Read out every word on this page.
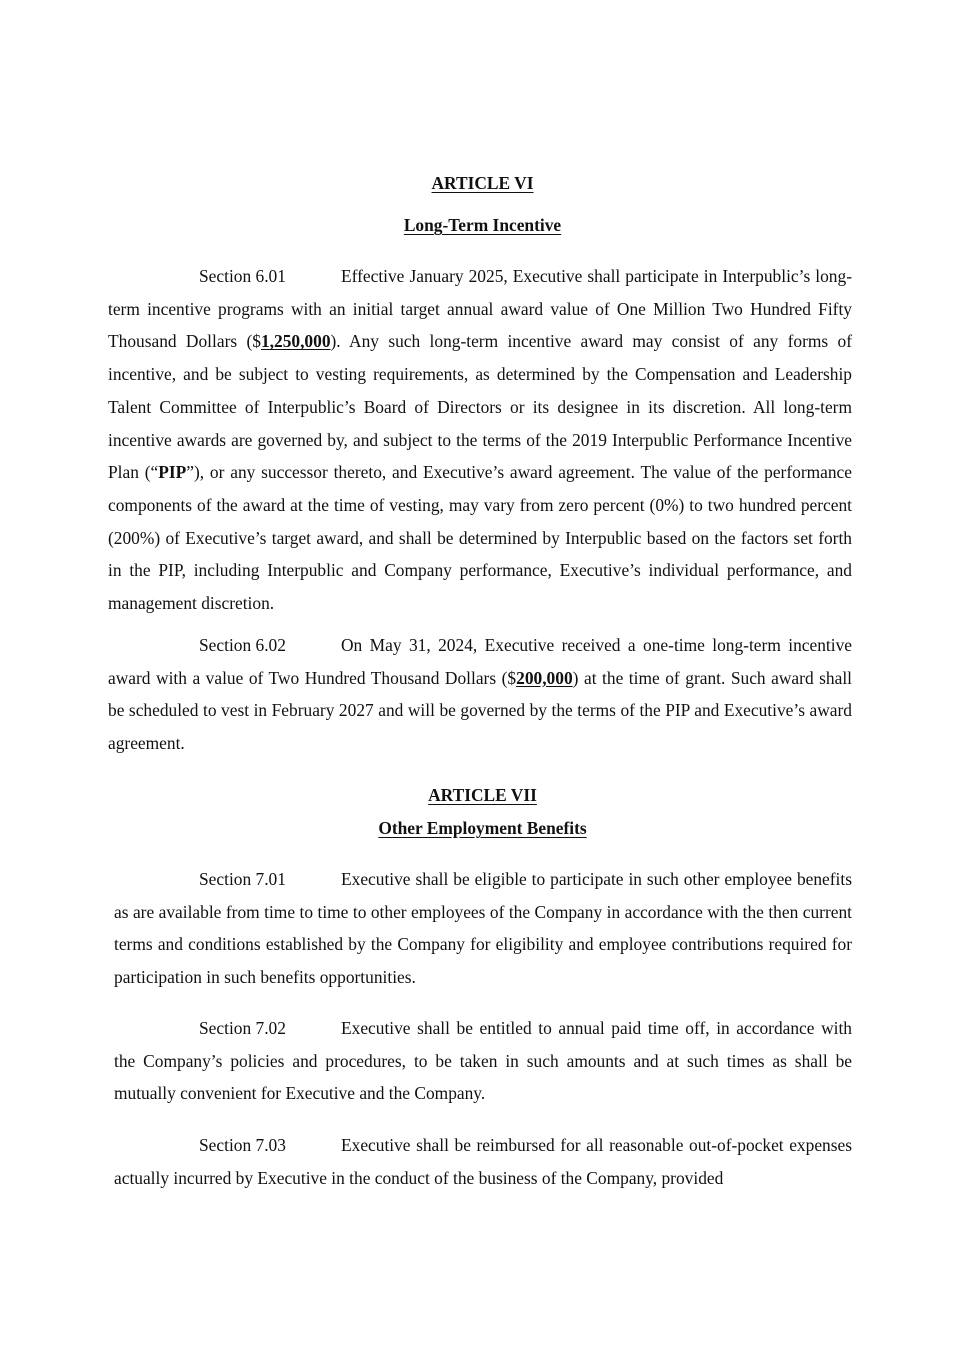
ARTICLE VI
Long-Term Incentive

Section 6.01	Effective January 2025, Executive shall participate in Interpublic’s long-term incentive programs with an initial target annual award value of One Million Two Hundred Fifty Thousand Dollars ($1,250,000). Any such long-term incentive award may consist of any forms of incentive, and be subject to vesting requirements, as determined by the Compensation and Leadership Talent Committee of Interpublic’s Board of Directors or its designee in its discretion. All long-term incentive awards are governed by, and subject to the terms of the 2019 Interpublic Performance Incentive Plan (“PIP”), or any successor thereto, and Executive’s award agreement. The value of the performance components of the award at the time of vesting, may vary from zero percent (0%) to two hundred percent (200%) of Executive’s target award, and shall be determined by Interpublic based on the factors set forth in the PIP, including Interpublic and Company performance, Executive’s individual performance, and management discretion.

Section 6.02	On May 31, 2024, Executive received a one-time long-term incentive award with a value of Two Hundred Thousand Dollars ($200,000) at the time of grant. Such award shall be scheduled to vest in February 2027 and will be governed by the terms of the PIP and Executive’s award agreement.

ARTICLE VII
Other Employment Benefits

Section 7.01	Executive shall be eligible to participate in such other employee benefits as are available from time to time to other employees of the Company in accordance with the then current terms and conditions established by the Company for eligibility and employee contributions required for participation in such benefits opportunities.

Section 7.02	Executive shall be entitled to annual paid time off, in accordance with the Company’s policies and procedures, to be taken in such amounts and at such times as shall be mutually convenient for Executive and the Company.

Section 7.03	Executive shall be reimbursed for all reasonable out-of-pocket expenses actually incurred by Executive in the conduct of the business of the Company, provided
